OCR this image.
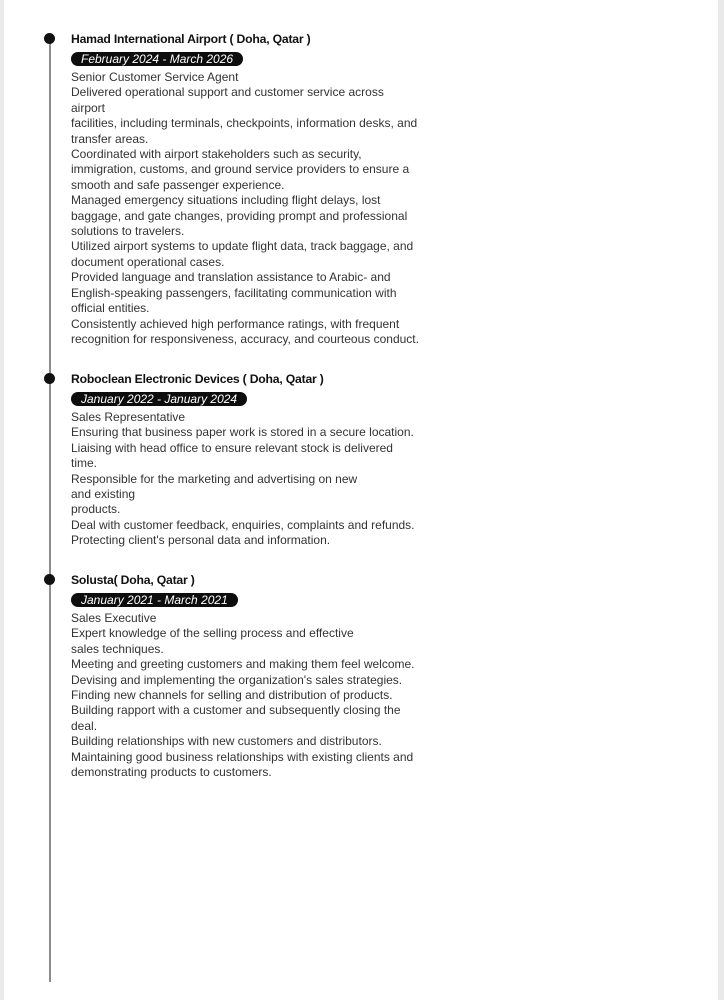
Hamad International Airport ( Doha, Qatar )
February 2024 - March 2026
Senior Customer Service Agent
Delivered operational support and customer service across
airport
facilities, including terminals, checkpoints, information desks, and
transfer areas.
Coordinated with airport stakeholders such as security,
immigration, customs, and ground service providers to ensure a
smooth and safe passenger experience.
Managed emergency situations including flight delays, lost
baggage, and gate changes, providing prompt and professional
solutions to travelers.
Utilized airport systems to update flight data, track baggage, and
document operational cases.
Provided language and translation assistance to Arabic- and
English-speaking passengers, facilitating communication with
official entities.
Consistently achieved high performance ratings, with frequent
recognition for responsiveness, accuracy, and courteous conduct.
Roboclean Electronic Devices ( Doha, Qatar )
January 2022 - January 2024
Sales Representative
Ensuring that business paper work is stored in a secure location.
Liaising with head office to ensure relevant stock is delivered
time.
Responsible for the marketing and advertising on new
and existing
products.
Deal with customer feedback, enquiries, complaints and refunds.
Protecting client's personal data and information.
Solusta( Doha, Qatar )
January 2021 - March 2021
Sales Executive
Expert knowledge of the selling process and effective
sales techniques.
Meeting and greeting customers and making them feel welcome.
Devising and implementing the organization's sales strategies.
Finding new channels for selling and distribution of products.
Building rapport with a customer and subsequently closing the
deal.
Building relationships with new customers and distributors.
Maintaining good business relationships with existing clients and
demonstrating products to customers.
